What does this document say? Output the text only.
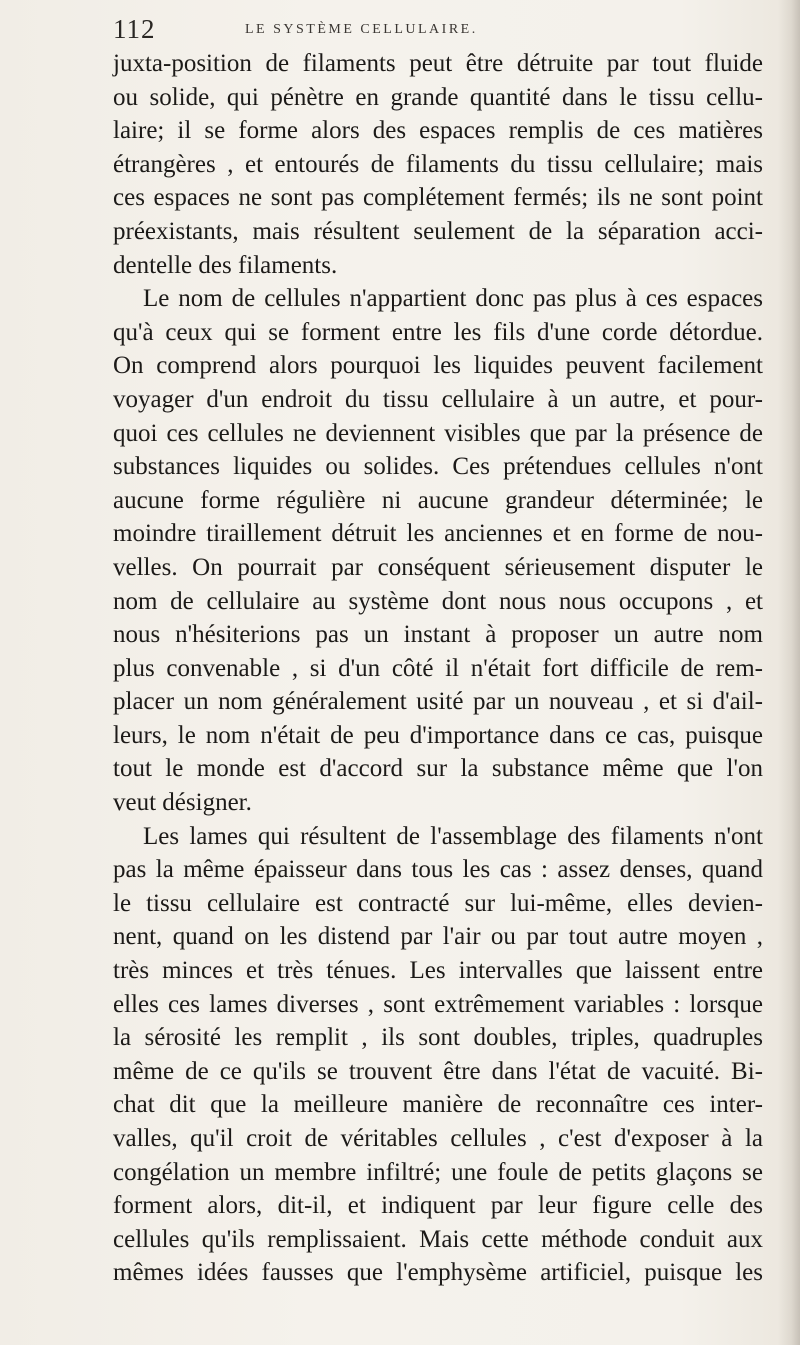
112	LE SYSTÈME CELLULAIRE.
juxta-position de filaments peut être détruite par tout fluide
ou solide, qui pénètre en grande quantité dans le tissu cellu-
laire; il se forme alors des espaces remplis de ces matières
étrangères , et entourés de filaments du tissu cellulaire; mais
ces espaces ne sont pas complétement fermés; ils ne sont point
préexistants, mais résultent seulement de la séparation acci-
dentelle des filaments.
Le nom de cellules n'appartient donc pas plus à ces espaces
qu'à ceux qui se forment entre les fils d'une corde détordue.
On comprend alors pourquoi les liquides peuvent facilement
voyager d'un endroit du tissu cellulaire à un autre, et pour-
quoi ces cellules ne deviennent visibles que par la présence de
substances liquides ou solides. Ces prétendues cellules n'ont
aucune forme régulière ni aucune grandeur déterminée; le
moindre tiraillement détruit les anciennes et en forme de nou-
velles. On pourrait par conséquent sérieusement disputer le
nom de cellulaire au système dont nous nous occupons , et
nous n'hésiterions pas un instant à proposer un autre nom
plus convenable , si d'un côté il n'était fort difficile de rem-
placer un nom généralement usité par un nouveau , et si d'ail-
leurs, le nom n'était de peu d'importance dans ce cas, puisque
tout le monde est d'accord sur la substance même que l'on
veut désigner.
Les lames qui résultent de l'assemblage des filaments n'ont
pas la même épaisseur dans tous les cas : assez denses, quand
le tissu cellulaire est contracté sur lui-même, elles devien-
nent, quand on les distend par l'air ou par tout autre moyen ,
très minces et très ténues. Les intervalles que laissent entre
elles ces lames diverses , sont extrêmement variables : lorsque
la sérosité les remplit , ils sont doubles, triples, quadruples
même de ce qu'ils se trouvent être dans l'état de vacuité. Bi-
chat dit que la meilleure manière de reconnaître ces inter-
valles, qu'il croit de véritables cellules , c'est d'exposer à la
congélation un membre infiltré; une foule de petits glaçons se
forment alors, dit-il, et indiquent par leur figure celle des
cellules qu'ils remplissaient. Mais cette méthode conduit aux
mêmes idées fausses que l'emphysème artificiel, puisque les
